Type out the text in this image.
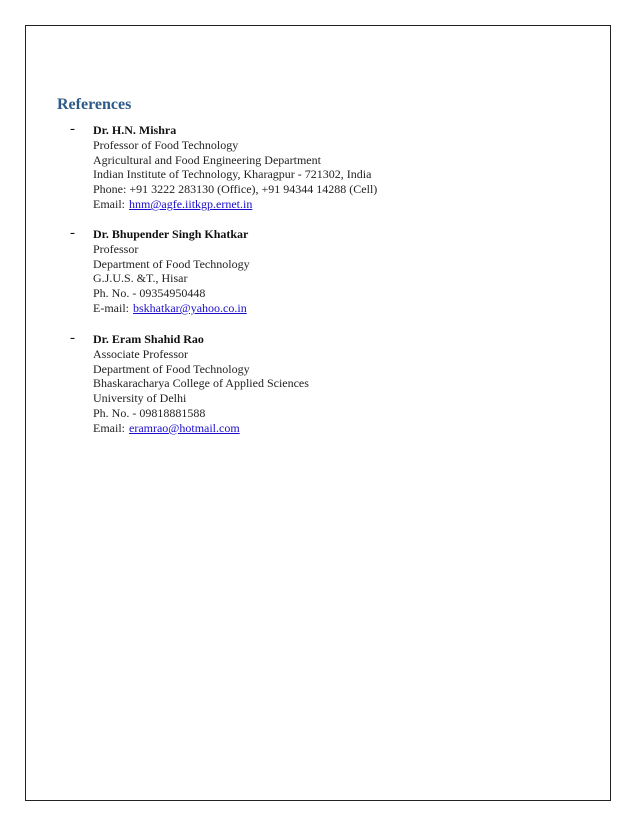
References
- Dr. H.N. Mishra
Professor of Food Technology
Agricultural and Food Engineering Department
Indian Institute of Technology, Kharagpur - 721302, India
Phone: +91 3222 283130 (Office), +91 94344 14288 (Cell)
Email: hnm@agfe.iitkgp.ernet.in
- Dr. Bhupender Singh Khatkar
Professor
Department of Food Technology
G.J.U.S. &T., Hisar
Ph. No. - 09354950448
E-mail: bskhatkar@yahoo.co.in
- Dr. Eram Shahid Rao
Associate Professor
Department of Food Technology
Bhaskaracharya College of Applied Sciences
University of Delhi
Ph. No. - 09818881588
Email: eramrao@hotmail.com
